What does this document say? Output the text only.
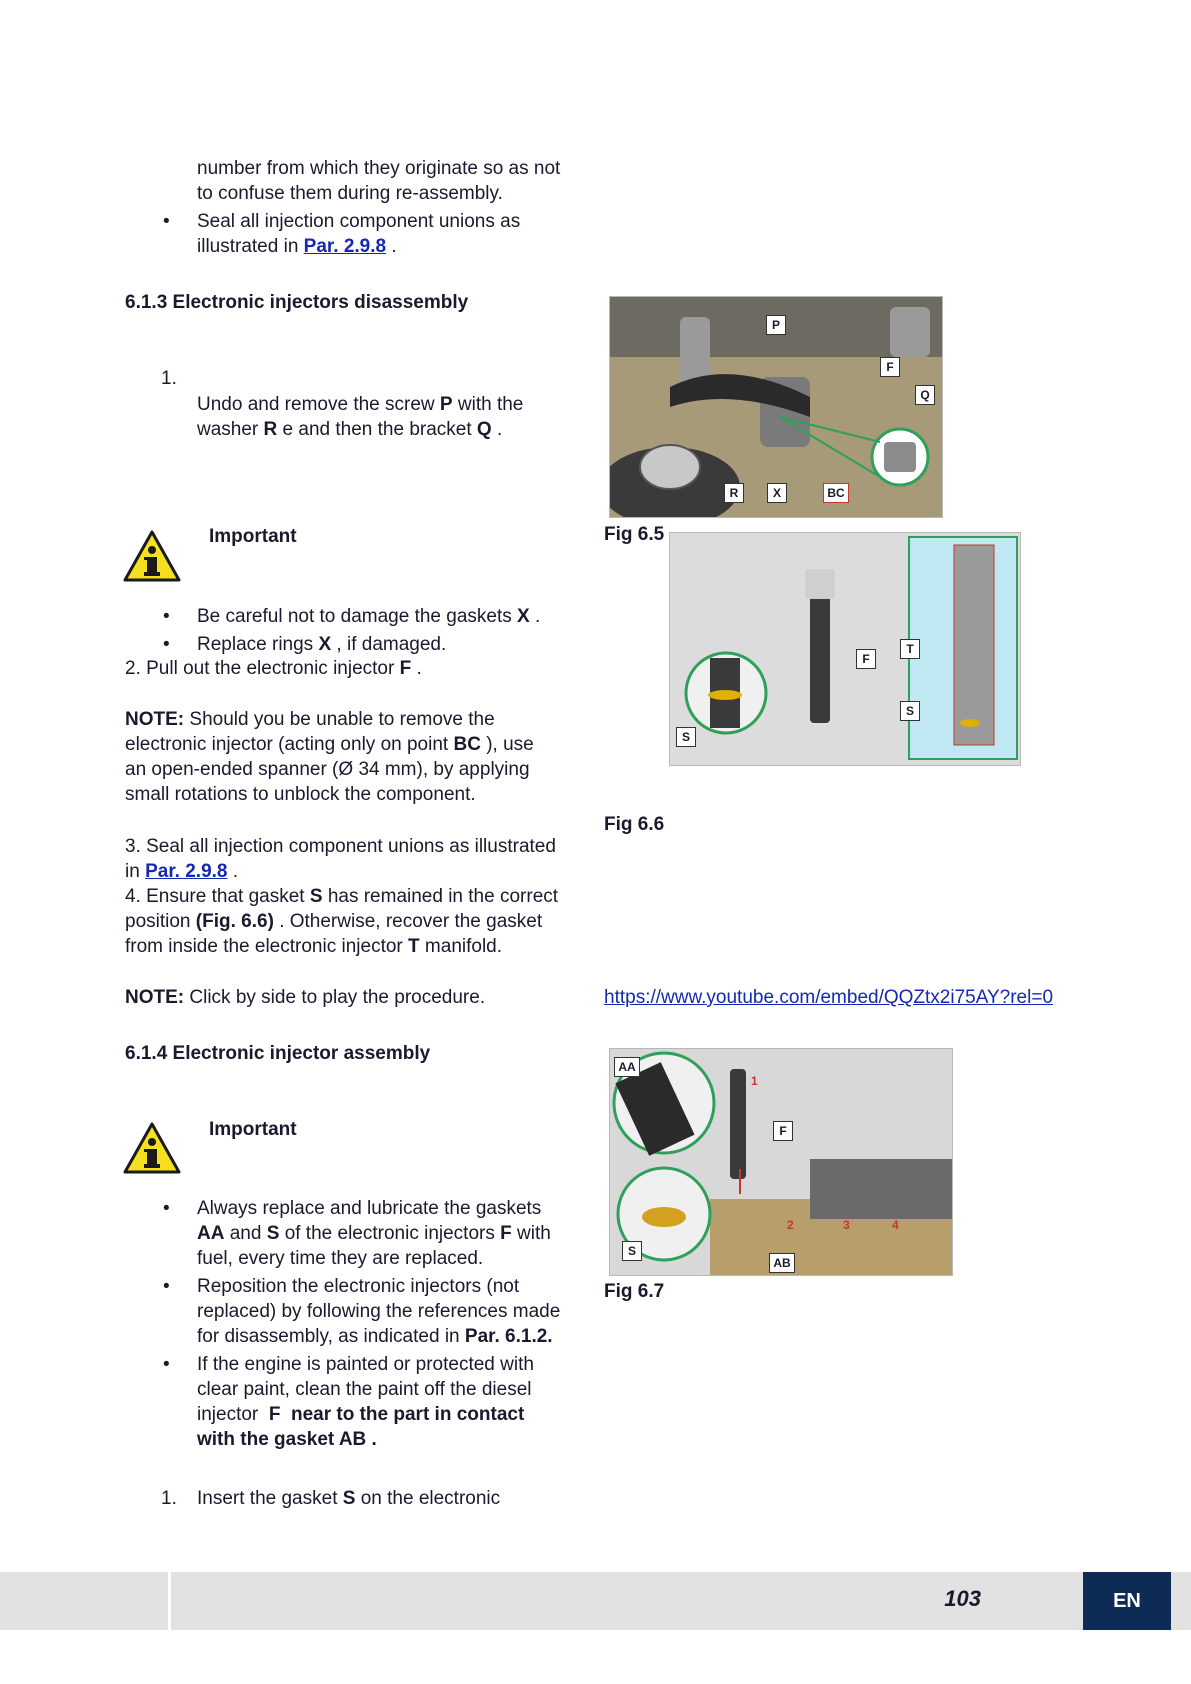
number from which they originate so as not
to confuse them during re-assembly.
• Seal all injection component unions as
illustrated in Par. 2.9.8 .
6.1.3 Electronic injectors disassembly
1.
Undo and remove the screw P with the
washer R e and then the bracket Q .
Important
• Be careful not to damage the gaskets X .
• Replace rings X , if damaged.
2. Pull out the electronic injector F .
NOTE: Should you be unable to remove the
electronic injector (acting only on point BC ), use
an open-ended spanner (Ø 34 mm), by applying
small rotations to unblock the component.
3. Seal all injection component unions as illustrated
in Par. 2.9.8 .
4. Ensure that gasket S has remained in the correct
position (Fig. 6.6) . Otherwise, recover the gasket
from inside the electronic injector T manifold.
NOTE: Click by side to play the procedure.	https://www.youtube.com/embed/QQZtx2i75AY?rel=0
6.1.4 Electronic injector assembly
Important
• Always replace and lubricate the gaskets
AA and S of the electronic injectors F with
fuel, every time they are replaced.
• Reposition the electronic injectors (not
replaced) by following the references made
for disassembly, as indicated in Par. 6.1.2.
• If the engine is painted or protected with
clear paint, clean the paint off the diesel
injector F near to the part in contact
with the gasket AB .
1. Insert the gasket S on the electronic
P
F
Q
R	X	BC
Fig 6.5
F
T
S
S
Fig 6.6
AA
F
S
AB
1
2	3	4
Fig 6.7
103	EN
